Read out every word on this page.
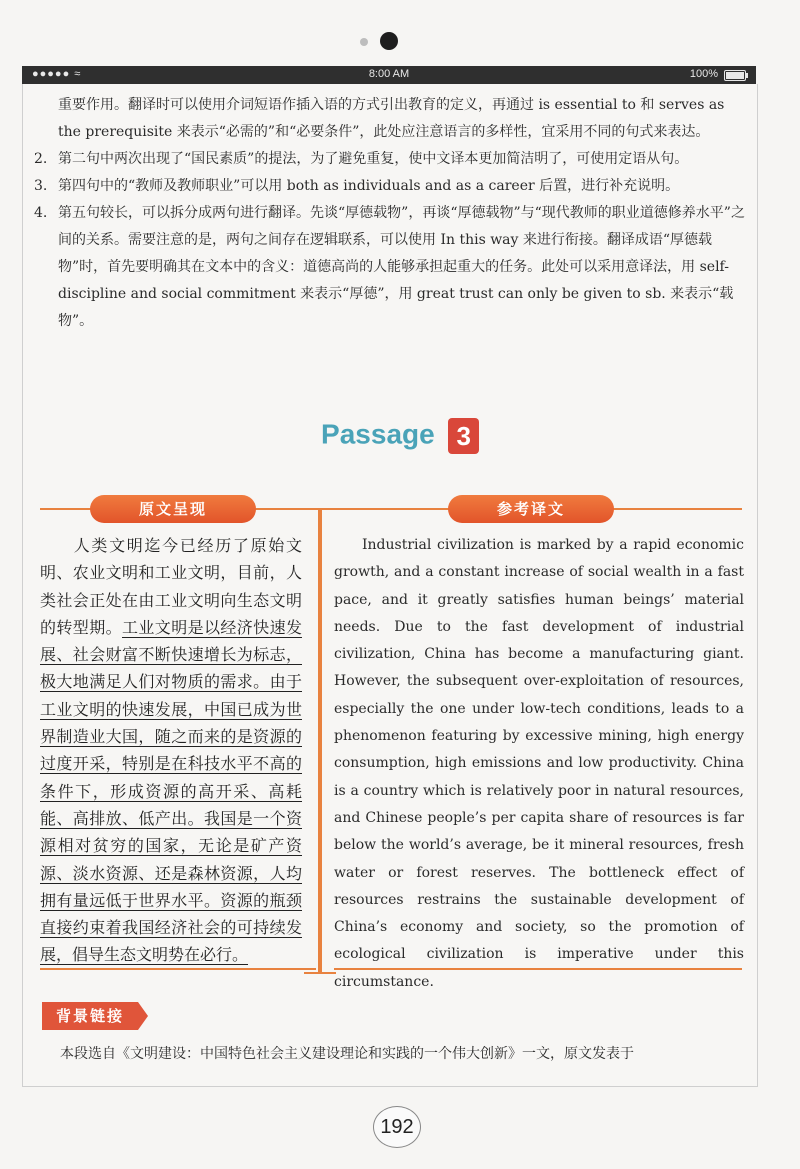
●●●●● ≈	8:00 AM	100%
重要作用。翻译时可以使用介词短语作插入语的方式引出教育的定义，再通过 is essential to 和 serves as the prerequisite 来表示“必需的”和“必要条件”，此处应注意语言的多样性，宜采用不同的句式来表达。
2. 第二句中两次出现了“国民素质”的提法，为了避免重复，使中文译本更加简洁明了，可使用定语从句。
3. 第四句中的“教师及教师职业”可以用 both as individuals and as a career 后置，进行补充说明。
4. 第五句较长，可以拆分成两句进行翻译。先谈“厚德载物”，再谈“厚德载物”与“现代教师的职业道德修养水平”之间的关系。需要注意的是，两句之间存在逻辑联系，可以使用 In this way 来进行衔接。翻译成语“厚德载物”时，首先要明确其在文本中的含义：道德高尚的人能够承担起重大的任务。此处可以采用意译法，用 self-discipline and social commitment 来表示“厚德”，用 great trust can only be given to sb. 来表示“载物”。
Passage 3
原文呈现	参考译文
人类文明迄今已经历了原始文明、农业文明和工业文明，目前，人类社会正处在由工业文明向生态文明的转型期。工业文明是以经济快速发展、社会财富不断快速增长为标志，极大地满足人们对物质的需求。由于工业文明的快速发展，中国已成为世界制造业大国，随之而来的是资源的过度开采，特别是在科技水平不高的条件下，形成资源的高开采、高耗能、高排放、低产出。我国是一个资源相对贫穷的国家，无论是矿产资源、淡水资源、还是森林资源，人均拥有量远低于世界水平。资源的瓶颈直接约束着我国经济社会的可持续发展，倡导生态文明势在必行。
Industrial civilization is marked by a rapid economic growth, and a constant increase of social wealth in a fast pace, and it greatly satisfies human beings’ material needs. Due to the fast development of industrial civilization, China has become a manufacturing giant. However, the subsequent over-exploitation of resources, especially the one under low-tech conditions, leads to a phenomenon featuring by excessive mining, high energy consumption, high emissions and low productivity. China is a country which is relatively poor in natural resources, and Chinese people’s per capita share of resources is far below the world’s average, be it mineral resources, fresh water or forest reserves. The bottleneck effect of resources restrains the sustainable development of China’s economy and society, so the promotion of ecological civilization is imperative under this circumstance.
背景链接
本段选自《文明建设：中国特色社会主义建设理论和实践的一个伟大创新》一文，原文发表于
192
